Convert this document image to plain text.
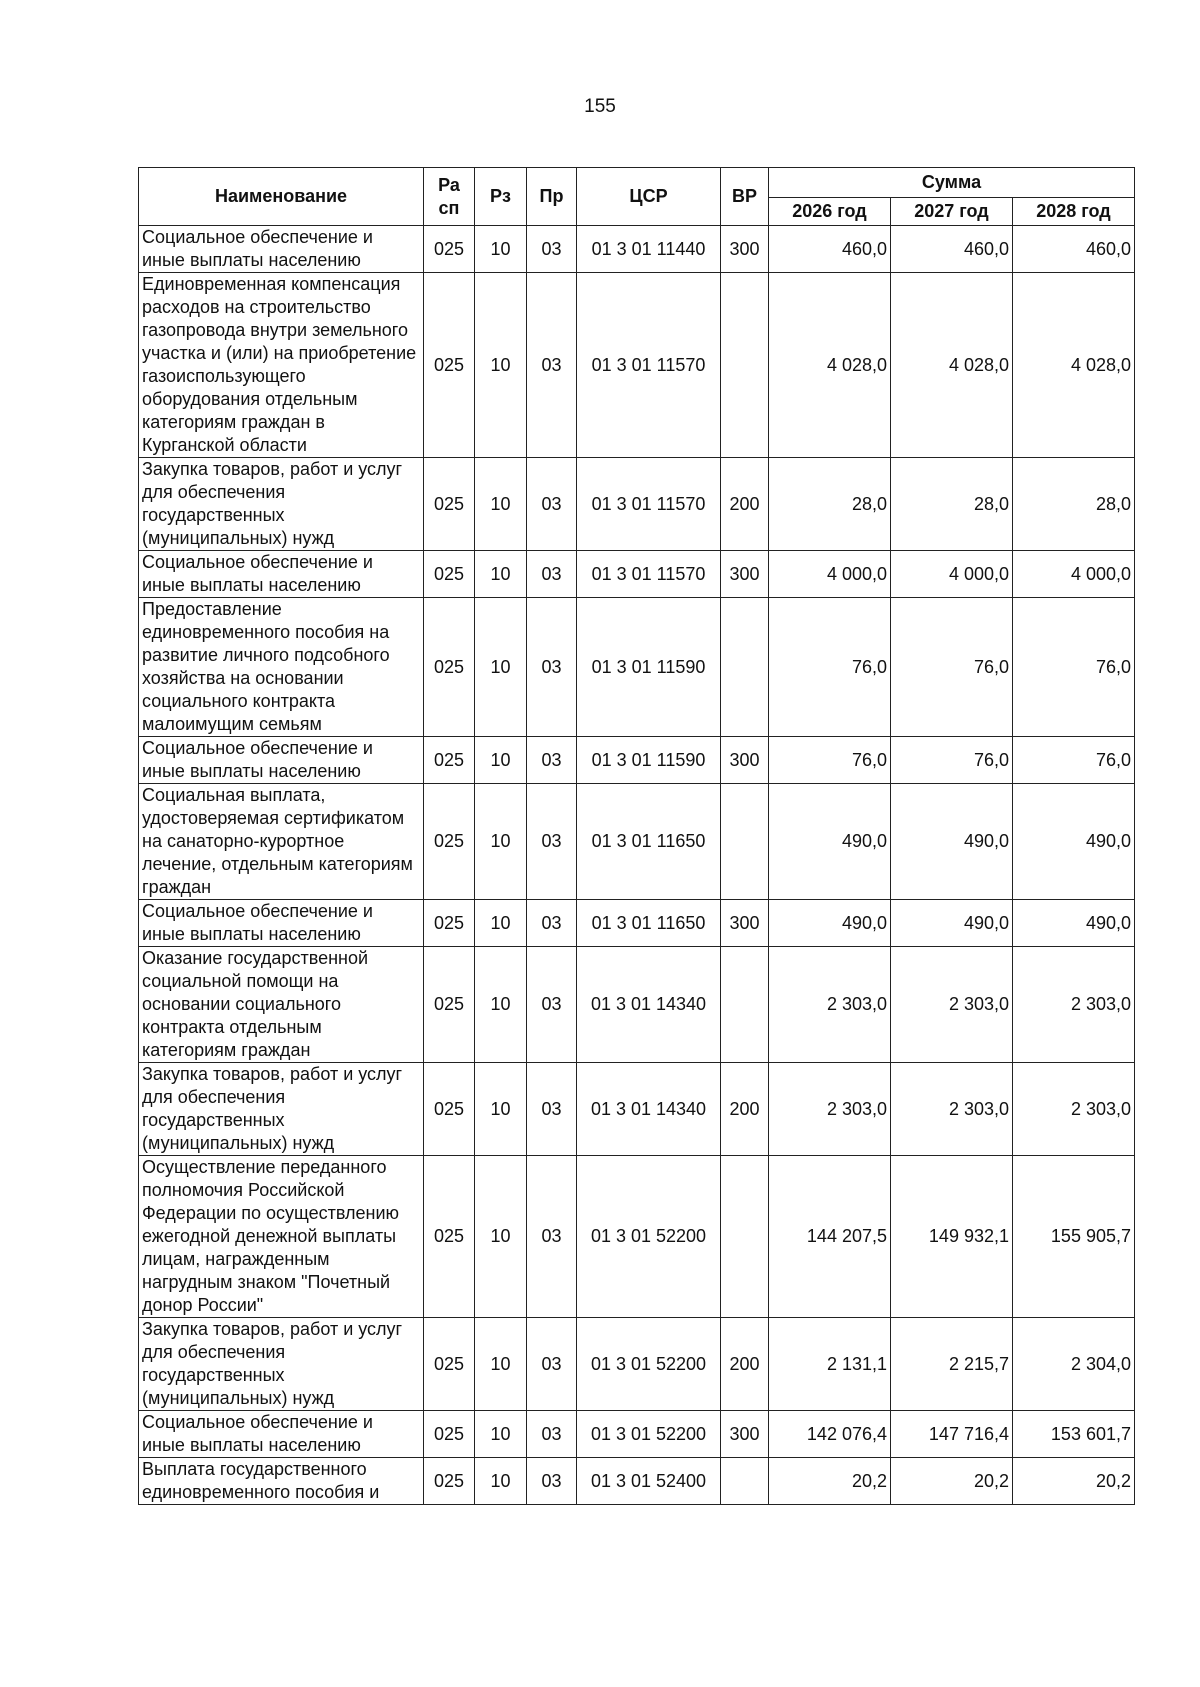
155
Наименование	Ра сп	Рз	Пр	ЦСР	ВР	Сумма		
						2026 год	2027 год	2028 год
Социальное обеспечение и иные выплаты населению	025	10	03	01 3 01 11440	300	460,0	460,0	460,0
Единовременная компенсация расходов на строительство газопровода внутри земельного участка и (или) на приобретение газоиспользующего оборудования отдельным категориям граждан в Курганской области	025	10	03	01 3 01 11570		4 028,0	4 028,0	4 028,0
Закупка товаров, работ и услуг для обеспечения государственных (муниципальных) нужд	025	10	03	01 3 01 11570	200	28,0	28,0	28,0
Социальное обеспечение и иные выплаты населению	025	10	03	01 3 01 11570	300	4 000,0	4 000,0	4 000,0
Предоставление единовременного пособия на развитие личного подсобного хозяйства на основании социального контракта малоимущим семьям	025	10	03	01 3 01 11590		76,0	76,0	76,0
Социальное обеспечение и иные выплаты населению	025	10	03	01 3 01 11590	300	76,0	76,0	76,0
Социальная выплата, удостоверяемая сертификатом на санаторно-курортное лечение, отдельным категориям граждан	025	10	03	01 3 01 11650		490,0	490,0	490,0
Социальное обеспечение и иные выплаты населению	025	10	03	01 3 01 11650	300	490,0	490,0	490,0
Оказание государственной социальной помощи на основании социального контракта отдельным категориям граждан	025	10	03	01 3 01 14340		2 303,0	2 303,0	2 303,0
Закупка товаров, работ и услуг для обеспечения государственных (муниципальных) нужд	025	10	03	01 3 01 14340	200	2 303,0	2 303,0	2 303,0
Осуществление переданного полномочия Российской Федерации по осуществлению ежегодной денежной выплаты лицам, награжденным нагрудным знаком "Почетный донор России"	025	10	03	01 3 01 52200		144 207,5	149 932,1	155 905,7
Закупка товаров, работ и услуг для обеспечения государственных (муниципальных) нужд	025	10	03	01 3 01 52200	200	2 131,1	2 215,7	2 304,0
Социальное обеспечение и иные выплаты населению	025	10	03	01 3 01 52200	300	142 076,4	147 716,4	153 601,7
Выплата государственного единовременного пособия и	025	10	03	01 3 01 52400		20,2	20,2	20,2
